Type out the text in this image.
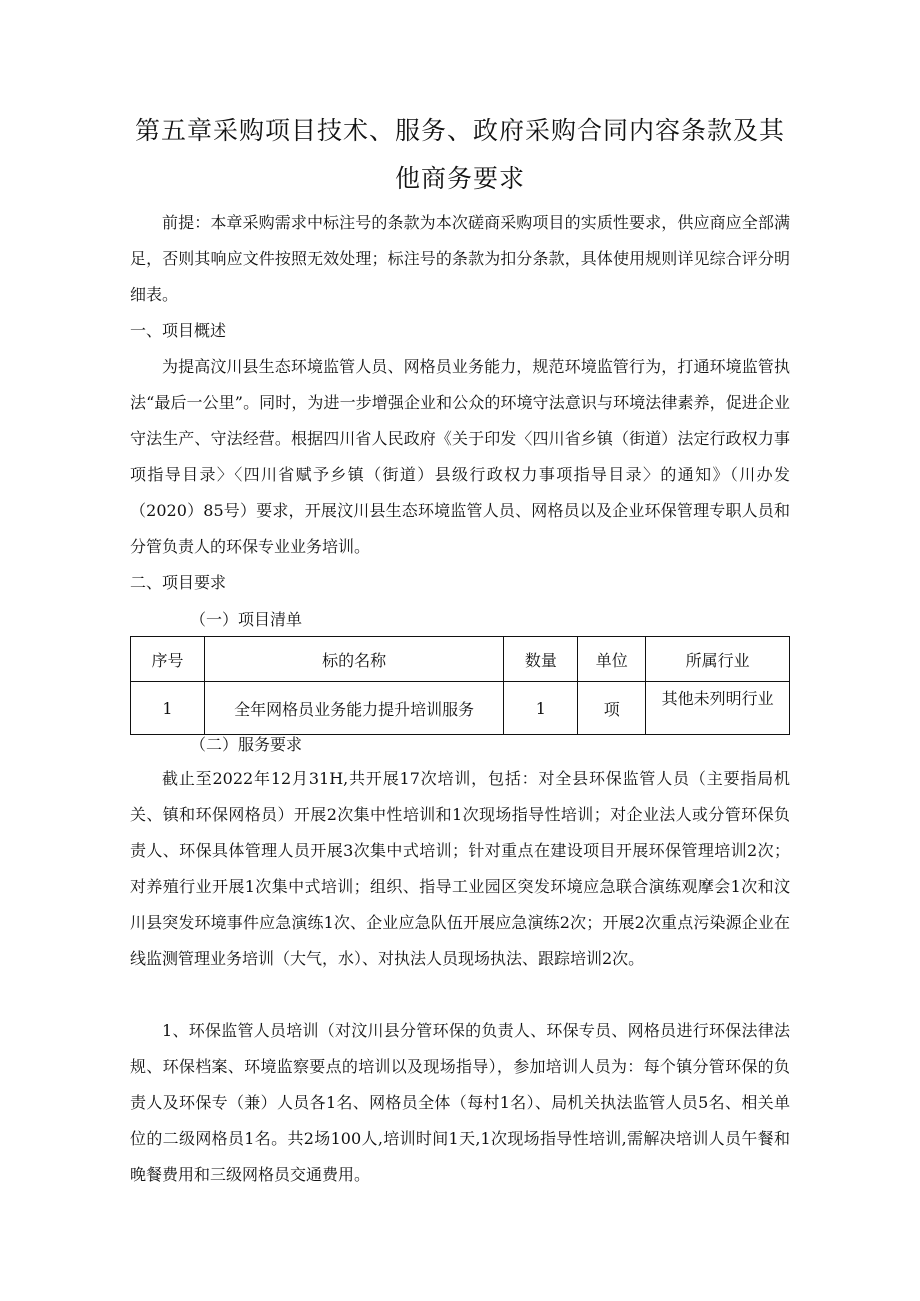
第五章采购项目技术、服务、政府采购合同内容条款及其
他商务要求

前提：本章采购需求中标注号的条款为本次磋商采购项目的实质性要求，供应商应全部满足，否则其响应文件按照无效处理；标注号的条款为扣分条款，具体使用规则详见综合评分明细表。

一、项目概述

为提高汶川县生态环境监管人员、网格员业务能力，规范环境监管行为，打通环境监管执法“最后一公里”。同时，为进一步增强企业和公众的环境守法意识与环境法律素养，促进企业守法生产、守法经营。根据四川省人民政府《关于印发〈四川省乡镇（街道）法定行政权力事项指导目录〉〈四川省赋予乡镇（街道）县级行政权力事项指导目录〉的通知》（川办发（2020）85号）要求，开展汶川县生态环境监管人员、网格员以及企业环保管理专职人员和分管负责人的环保专业业务培训。

二、项目要求

（一）项目清单

序号	标的名称	数量	单位	所属行业
1	全年网格员业务能力提升培训服务	1	项	其他未列明行业

（二）服务要求

截止至2022年12月31H,共开展17次培训，包括：对全县环保监管人员（主要指局机关、镇和环保网格员）开展2次集中性培训和1次现场指导性培训；对企业法人或分管环保负责人、环保具体管理人员开展3次集中式培训；针对重点在建设项目开展环保管理培训2次；对养殖行业开展1次集中式培训；组织、指导工业园区突发环境应急联合演练观摩会1次和汶川县突发环境事件应急演练1次、企业应急队伍开展应急演练2次；开展2次重点污染源企业在线监测管理业务培训（大气，水）、对执法人员现场执法、跟踪培训2次。

1、环保监管人员培训（对汶川县分管环保的负责人、环保专员、网格员进行环保法律法规、环保档案、环境监察要点的培训以及现场指导），参加培训人员为：每个镇分管环保的负责人及环保专（兼）人员各1名、网格员全体（每村1名）、局机关执法监管人员5名、相关单位的二级网格员1名。共2场100人,培训时间1天,1次现场指导性培训,需解决培训人员午餐和晚餐费用和三级网格员交通费用。
